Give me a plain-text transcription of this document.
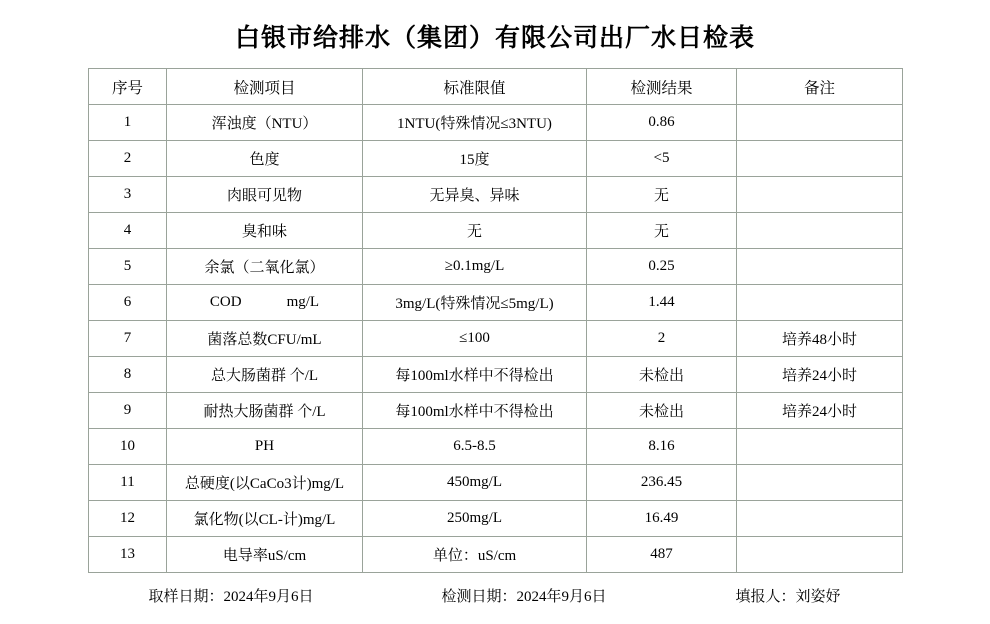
白银市给排水（集团）有限公司出厂水日检表
序号	检测项目	标准限值	检测结果	备注
1	浑浊度（NTU）	1NTU(特殊情况≤3NTU)	0.86	
2	色度	15度	<5	
3	肉眼可见物	无异臭、异味	无	
4	臭和味	无	无	
5	余氯（二氧化氯）	≥0.1mg/L	0.25	
6	COD            mg/L	3mg/L(特殊情况≤5mg/L)	1.44	
7	菌落总数CFU/mL	≤100	2	培养48小时
8	总大肠菌群 个/L	每100ml水样中不得检出	未检出	培养24小时
9	耐热大肠菌群 个/L	每100ml水样中不得检出	未检出	培养24小时
10	PH	6.5-8.5	8.16	
11	总硬度(以CaCo3计)mg/L	450mg/L	236.45	
12	氯化物(以CL-计)mg/L	250mg/L	16.49	
13	电导率uS/cm	单位：uS/cm	487	
取样日期：2024年9月6日	检测日期：2024年9月6日	填报人：刘姿妤
